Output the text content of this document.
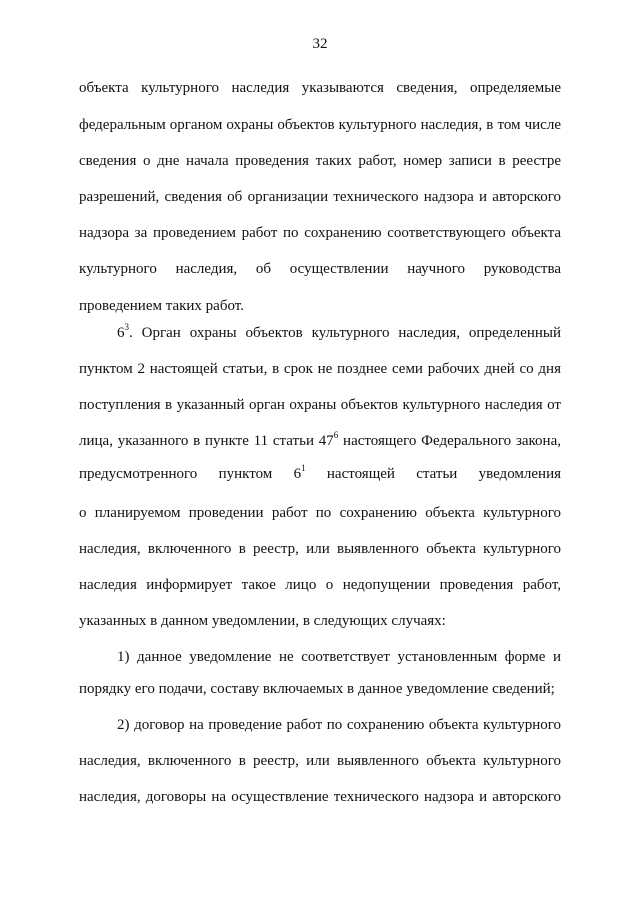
32
объекта культурного наследия указываются сведения, определяемые
федеральным органом охраны объектов культурного наследия, в том числе
сведения о дне начала проведения таких работ, номер записи в реестре
разрешений, сведения об организации технического надзора и авторского
надзора за проведением работ по сохранению соответствующего объекта
культурного наследия, об осуществлении научного руководства
проведением таких работ.
$6^3$. Орган охраны объектов культурного наследия, определенный
пунктом 2 настоящей статьи, в срок не позднее семи рабочих дней со дня
поступления в указанный орган охраны объектов культурного наследия от
лица, указанного в пункте 11 статьи $47^6$ настоящего Федерального закона,
предусмотренного пунктом $6^1$ настоящей статьи уведомления
о планируемом проведении работ по сохранению объекта культурного
наследия, включенного в реестр, или выявленного объекта культурного
наследия информирует такое лицо о недопущении проведения работ,
указанных в данном уведомлении, в следующих случаях:
1) данное уведомление не соответствует установленным форме и
порядку его подачи, составу включаемых в данное уведомление сведений;
2) договор на проведение работ по сохранению объекта культурного
наследия, включенного в реестр, или выявленного объекта культурного
наследия, договоры на осуществление технического надзора и авторского
